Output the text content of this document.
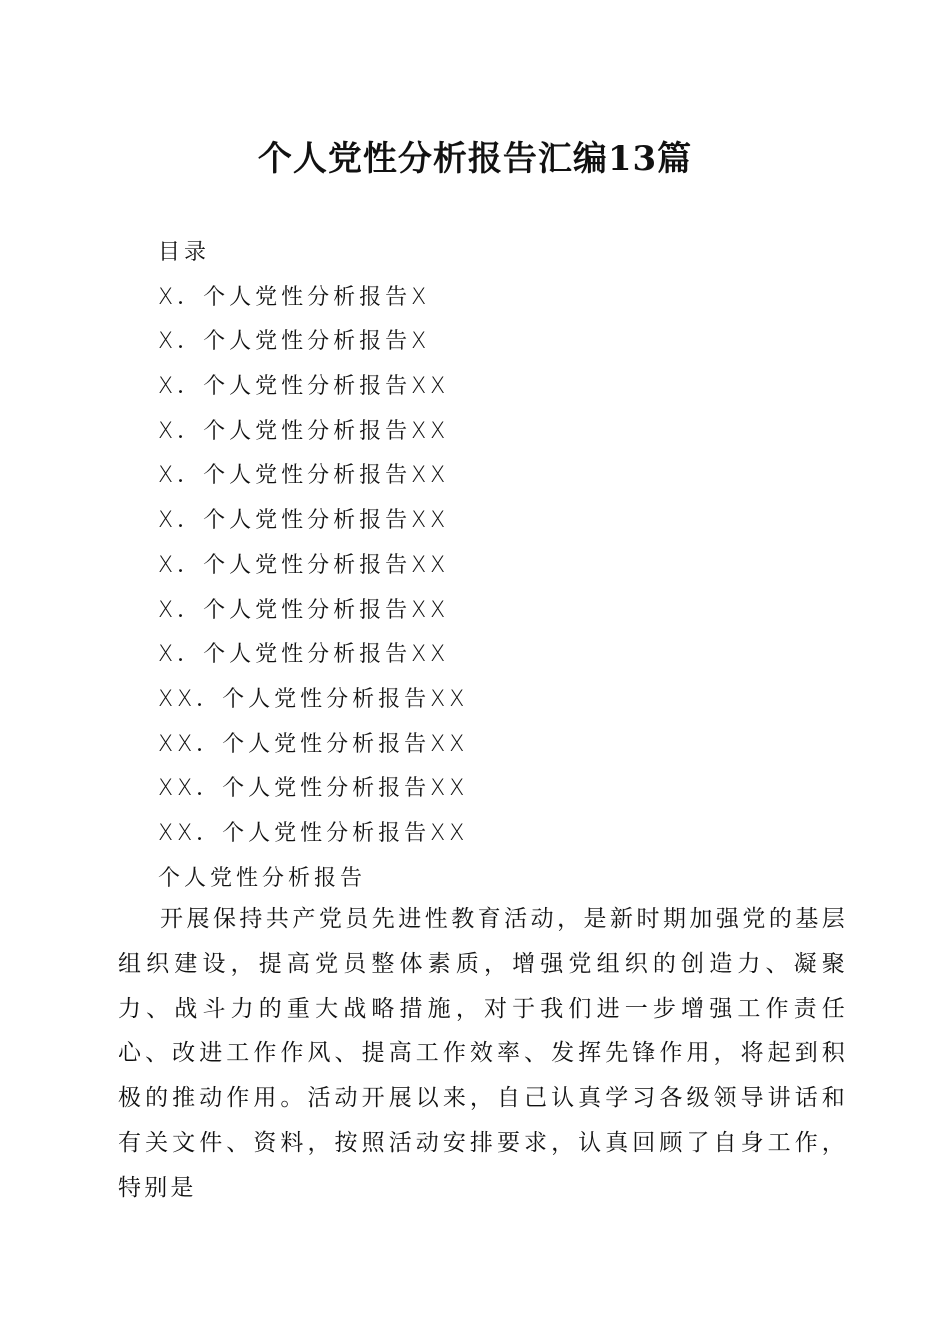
个人党性分析报告汇编13篇
目录
X．个人党性分析报告X
X．个人党性分析报告X
X．个人党性分析报告XX
X．个人党性分析报告XX
X．个人党性分析报告XX
X．个人党性分析报告XX
X．个人党性分析报告XX
X．个人党性分析报告XX
X．个人党性分析报告XX
XX．个人党性分析报告XX
XX．个人党性分析报告XX
XX．个人党性分析报告XX
XX．个人党性分析报告XX
个人党性分析报告

开展保持共产党员先进性教育活动，是新时期加强党的基层组织建设，提高党员整体素质，增强党组织的创造力、凝聚力、战斗力的重大战略措施，对于我们进一步增强工作责任心、改进工作作风、提高工作效率、发挥先锋作用，将起到积极的推动作用。活动开展以来，自己认真学习各级领导讲话和有关文件、资料，按照活动安排要求，认真回顾了自身工作，特别是
